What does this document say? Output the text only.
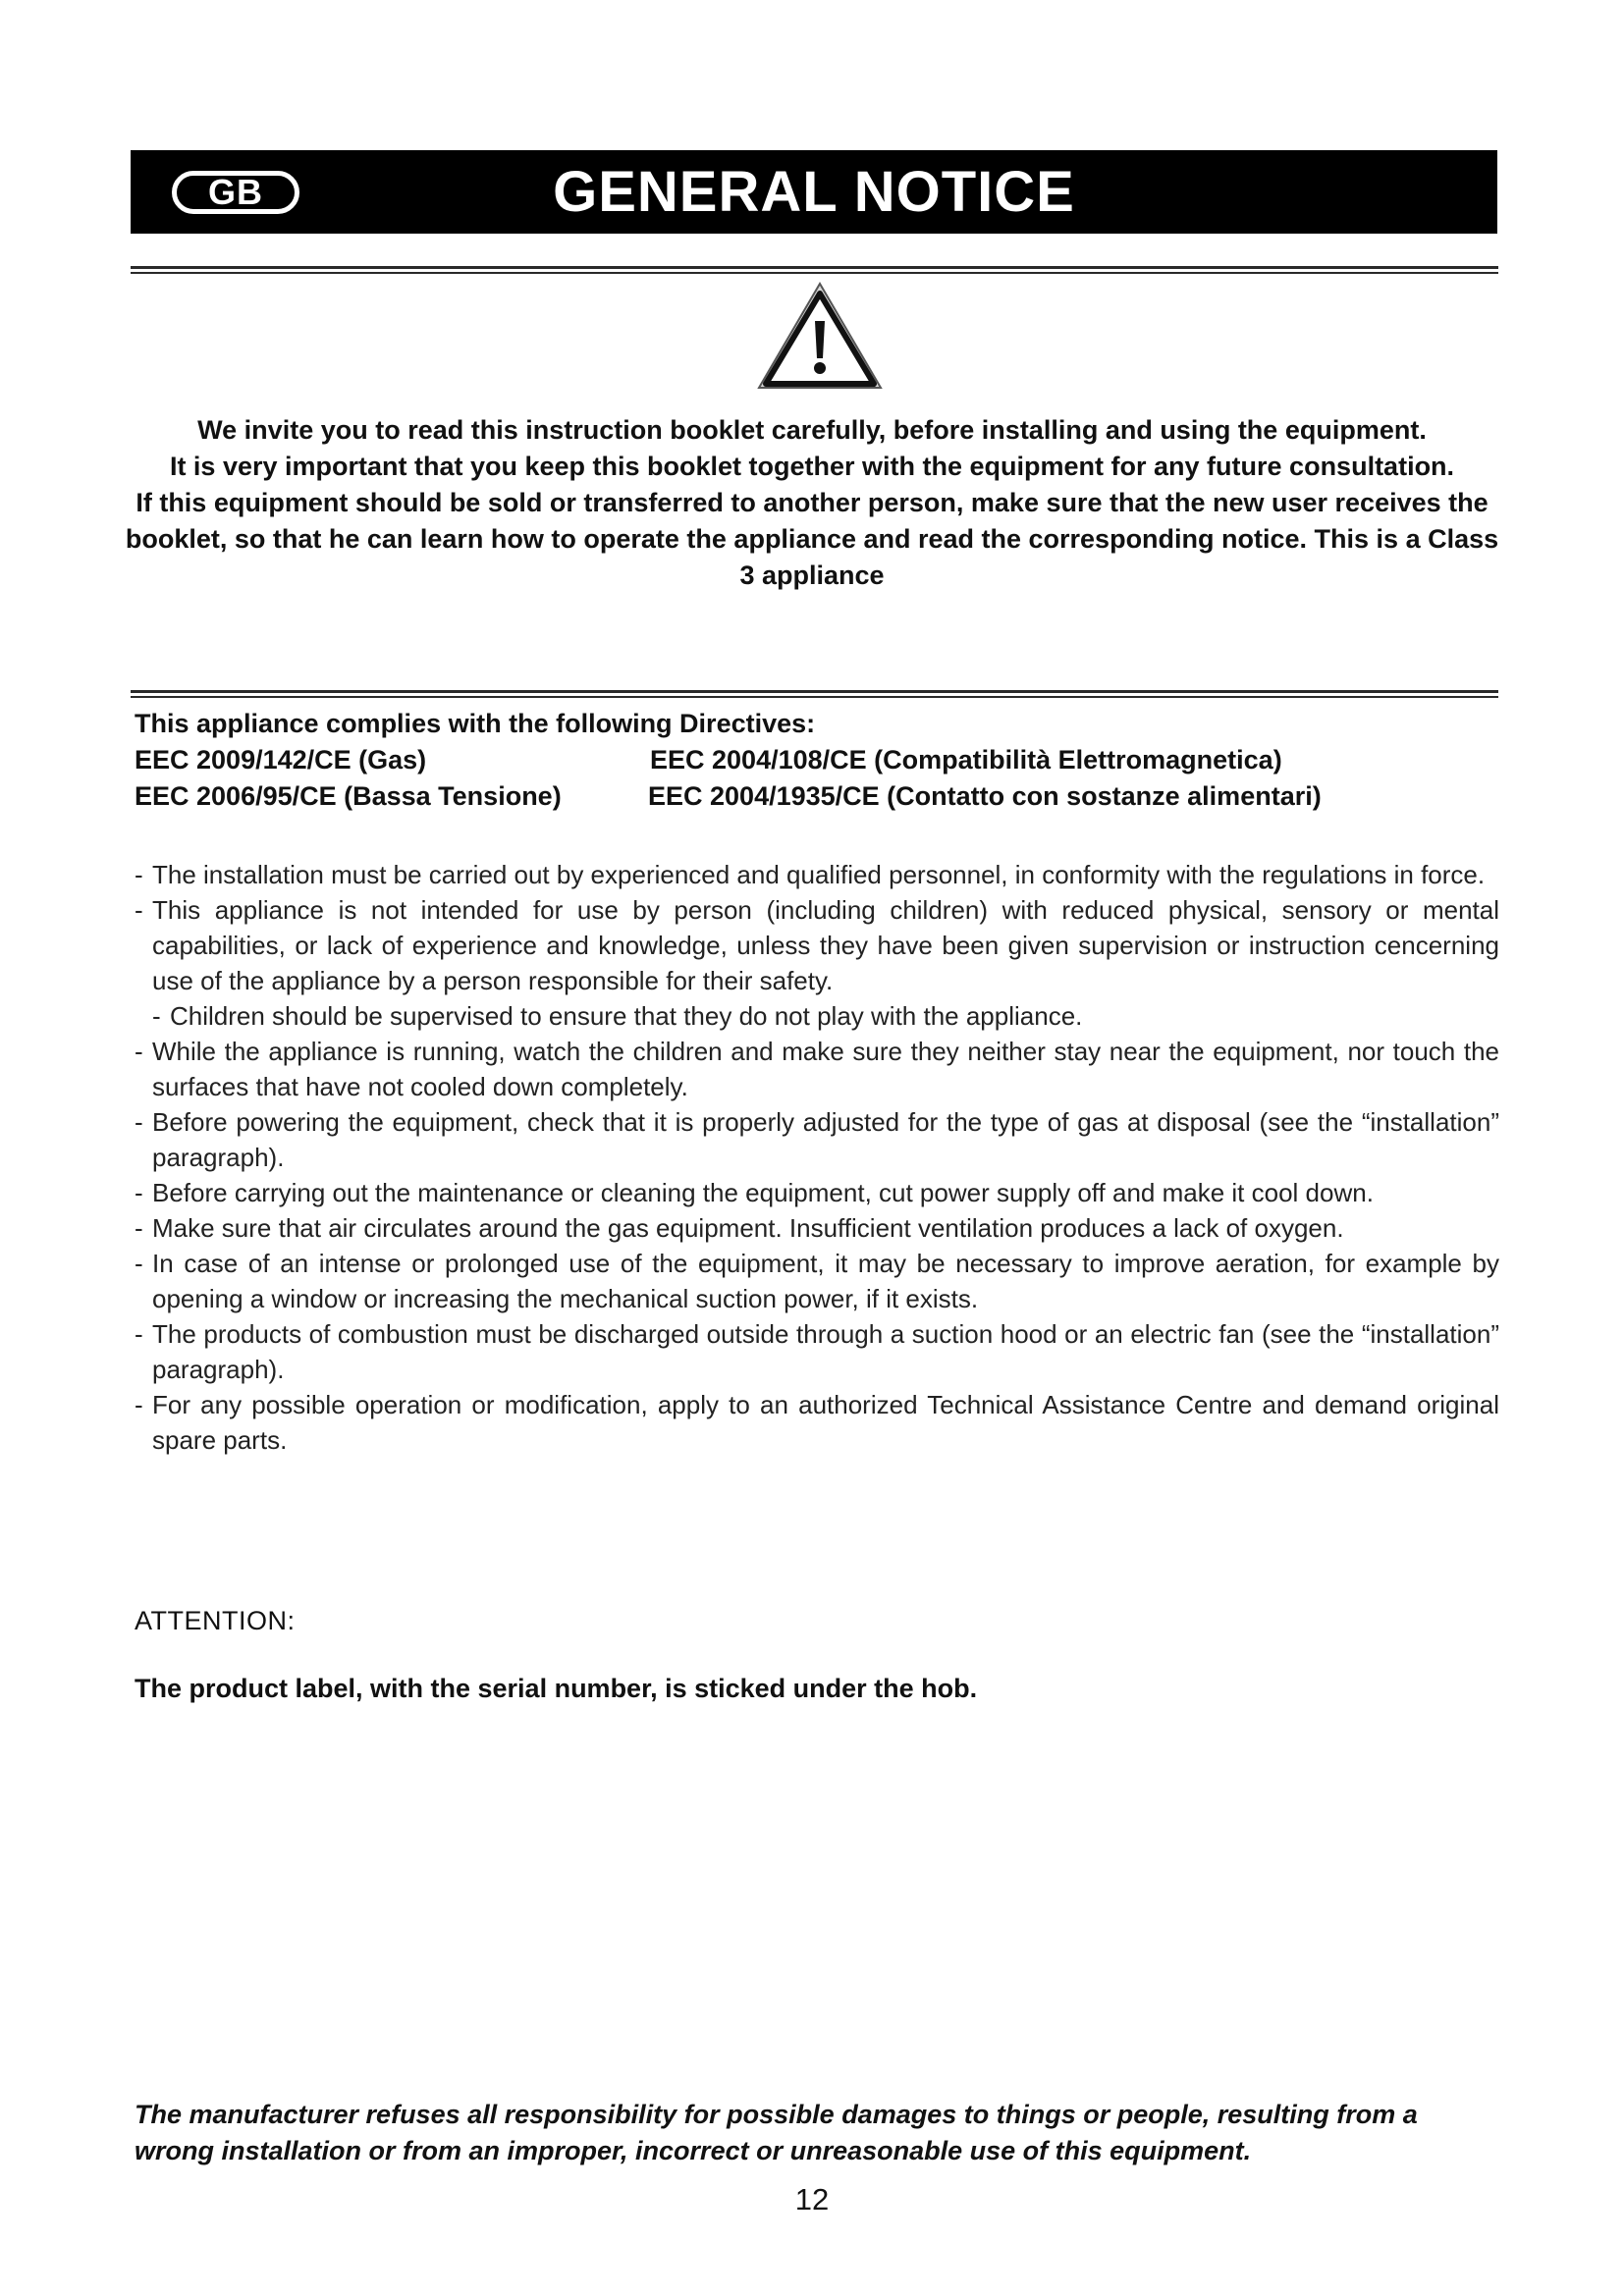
GB	GENERAL NOTICE

We invite you to read this instruction booklet carefully, before installing and using the equipment.

It is very important that you keep this booklet together with the equipment for any future consultation.

If this equipment should be sold or transferred to another person, make sure that the new user receives the booklet, so that he can learn how to operate the appliance and read the corresponding notice. This is a Class 3 appliance

This appliance complies with the following Directives:
EEC 2009/142/CE (Gas)	EEC 2004/108/CE (Compatibilità Elettromagnetica)
EEC 2006/95/CE (Bassa Tensione)	EEC 2004/1935/CE (Contatto con sostanze alimentari)
- The installation must be carried out by experienced and qualified personnel, in conformity with the regulations in force.
- This appliance is not intended for use by person (including children) with reduced physical, sensory or mental capabilities, or lack of experience and knowledge, unless they have been given supervision or instruction cencerning use of the appliance by a person responsible for their safety.
- Children should be supervised to ensure that they do not play with the appliance.
- While the appliance is running, watch the children and make sure they neither stay near the equipment, nor touch the surfaces that have not cooled down completely.
- Before powering the equipment, check that it is properly adjusted for the type of gas at disposal (see the “installation” paragraph).
- Before carrying out the maintenance or cleaning the equipment, cut power supply off and make it cool down.
- Make sure that air circulates around the gas equipment. Insufficient ventilation produces a lack of oxygen.
- In case of an intense or prolonged use of the equipment, it may be necessary to improve aeration, for example by opening a window or increasing the mechanical suction power, if it exists.
- The products of combustion must be discharged outside through a suction hood or an electric fan (see the “installation” paragraph).
- For any possible operation or modification, apply to an authorized Technical Assistance Centre and demand original spare parts.
ATTENTION:
The product label, with the serial number, is sticked under the hob.
The manufacturer refuses all responsibility for possible damages to things or people, resulting from a wrong installation or from an improper, incorrect or unreasonable use of this equipment.
12
